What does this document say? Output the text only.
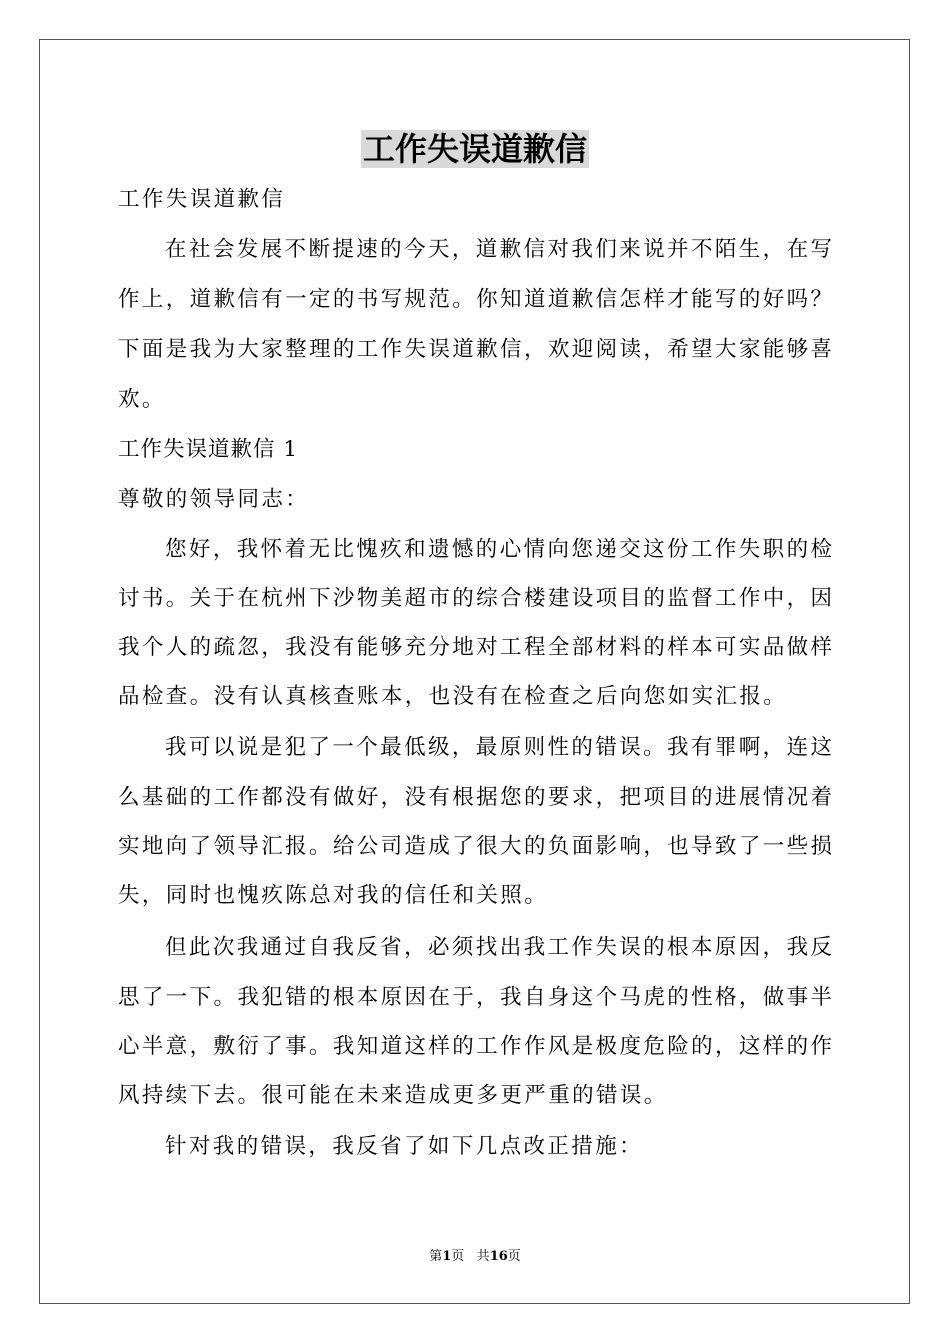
工作失误道歉信
工作失误道歉信
在社会发展不断提速的今天，道歉信对我们来说并不陌生，在写
作上，道歉信有一定的书写规范。你知道道歉信怎样才能写的好吗？
下面是我为大家整理的工作失误道歉信，欢迎阅读，希望大家能够喜
欢。
工作失误道歉信 1
尊敬的领导同志：
您好，我怀着无比愧疚和遗憾的心情向您递交这份工作失职的检
讨书。关于在杭州下沙物美超市的综合楼建设项目的监督工作中，因
我个人的疏忽，我没有能够充分地对工程全部材料的样本可实品做样
品检查。没有认真核查账本，也没有在检查之后向您如实汇报。
我可以说是犯了一个最低级，最原则性的错误。我有罪啊，连这
么基础的工作都没有做好，没有根据您的要求，把项目的进展情况着
实地向了领导汇报。给公司造成了很大的负面影响，也导致了一些损
失，同时也愧疚陈总对我的信任和关照。
但此次我通过自我反省，必须找出我工作失误的根本原因，我反
思了一下。我犯错的根本原因在于，我自身这个马虎的性格，做事半
心半意，敷衍了事。我知道这样的工作作风是极度危险的，这样的作
风持续下去。很可能在未来造成更多更严重的错误。
针对我的错误，我反省了如下几点改正措施：
第1页 共16页
